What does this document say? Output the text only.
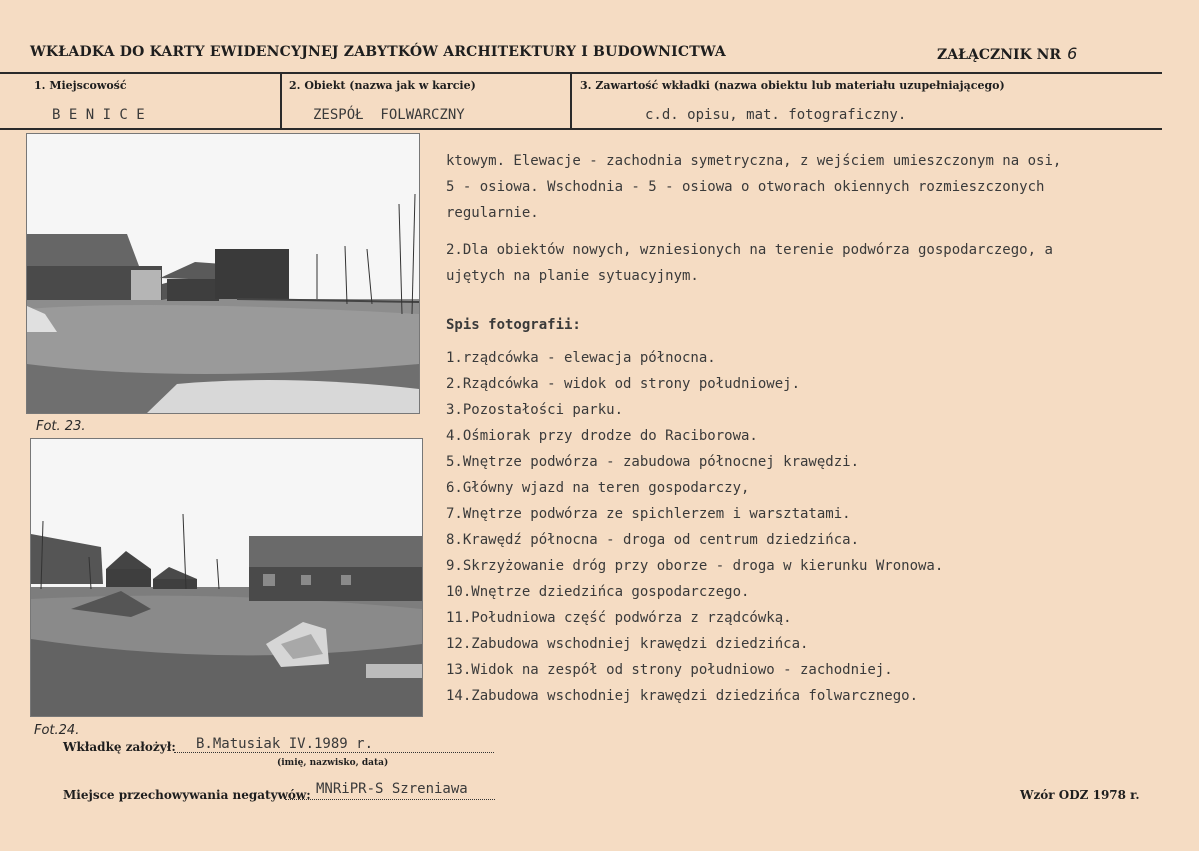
WKŁADKA DO KARTY EWIDENCYJNEJ ZABYTKÓW ARCHITEKTURY I BUDOWNICTWA	ZAŁĄCZNIK NR 6
1. Miejscowość	2. Obiekt (nazwa jak w karcie)	3. Zawartość wkładki (nazwa obiektu lub materiału uzupełniającego)
B E N I C E	ZESPÓŁ  FOLWARCZNY	c.d. opisu, mat. fotograficzny.
Fot. 23.
Fot.24.
ktowym. Elewacje - zachodnia symetryczna, z wejściem umieszczonym na osi,
5 - osiowa. Wschodnia - 5 - osiowa o otworach okiennych rozmieszczonych
regularnie.
2.Dla obiektów nowych, wzniesionych na terenie podwórza gospodarczego, a
ujętych na planie sytuacyjnym.
Spis fotografii:
1.rządcówka - elewacja północna.
2.Rządcówka - widok od strony południowej.
3.Pozostałości parku.
4.Ośmiorak przy drodze do Raciborowa.
5.Wnętrze podwórza - zabudowa północnej krawędzi.
6.Główny wjazd na teren gospodarczy,
7.Wnętrze podwórza ze spichlerzem i warsztatami.
8.Krawędź północna - droga od centrum dziedzińca.
9.Skrzyżowanie dróg przy oborze - droga w kierunku Wronowa.
10.Wnętrze dziedzińca gospodarczego.
11.Południowa część podwórza z rządcówką.
12.Zabudowa wschodniej krawędzi dziedzińca.
13.Widok na zespół od strony południowo - zachodniej.
14.Zabudowa wschodniej krawędzi dziedzińca folwarcznego.
Wkładkę założył: B.Matusiak IV.1989 r.
(imię, nazwisko, data)
Miejsce przechowywania negatywów: MNRiPR-S Szreniawa	Wzór ODZ 1978 r.
